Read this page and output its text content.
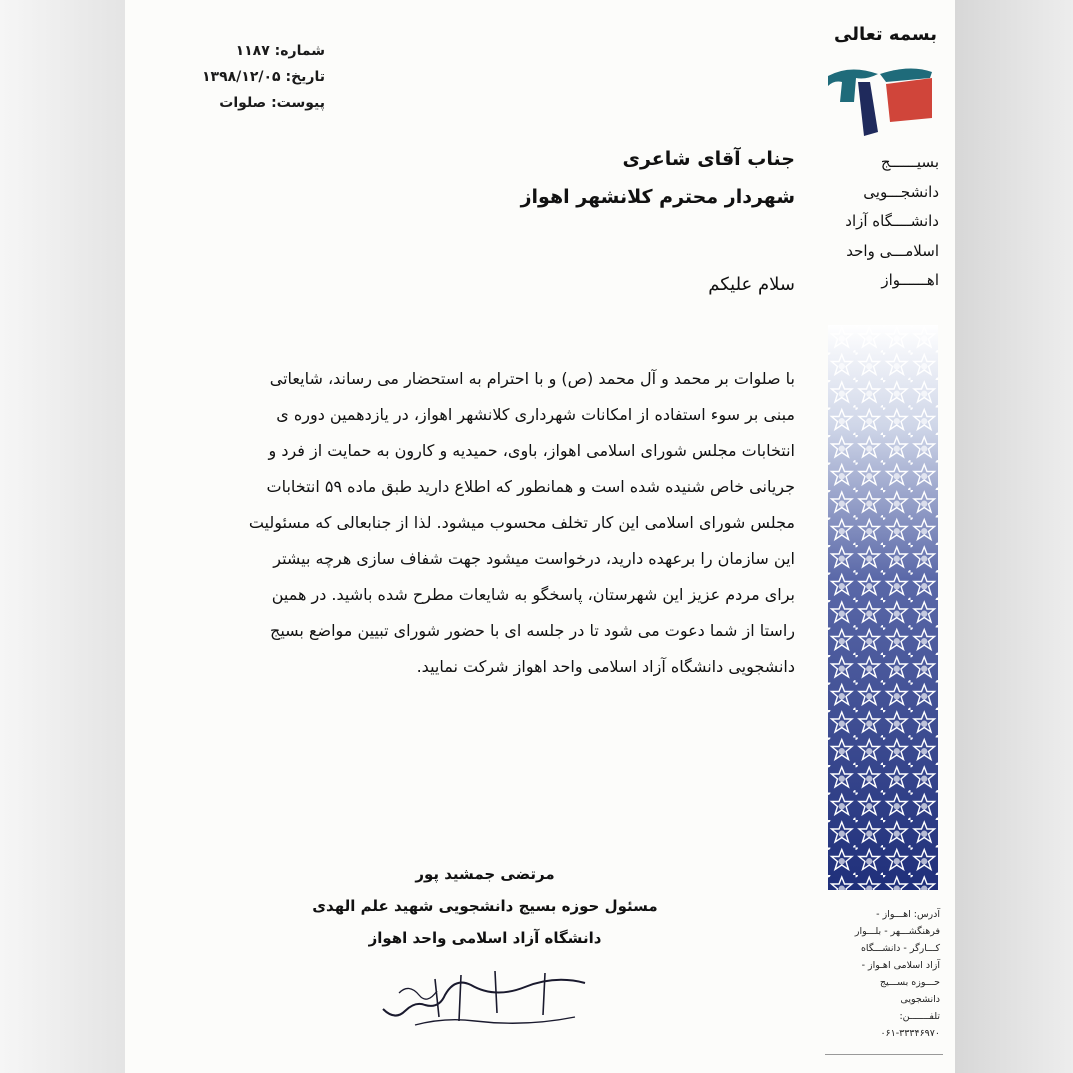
شماره: ۱۱۸۷
تاریخ: ۱۳۹۸/۱۲/۰۵
پیوست: صلوات
بسمه تعالی
بسیــــــج
دانشجـــویی
دانشــــگاه آزاد
اسلامـــی واحد
اهــــــواز
آدرس: اهـــواز -
فرهنگشـــهر - بلـــوار
کـــارگر - دانشـــگاه
آزاد اسلامی اهـواز -
حـــوزه بســـیج
دانشجویی
تلفـــــــن:
۰۶۱-۳۳۳۴۶۹۷۰
جناب آقای شاعری
شهردار محترم کلانشهر اهواز
سلام علیکم
با صلوات بر محمد و آل محمد (ص) و با احترام به استحضار می رساند، شایعاتی
مبنی بر سوء استفاده از امکانات شهرداری کلانشهر اهواز، در یازدهمین دوره ی
انتخابات مجلس شورای اسلامی اهواز، باوی، حمیدیه و کارون به حمایت از فرد و
جریانی خاص شنیده شده است و همانطور که اطلاع دارید طبق ماده ۵۹ انتخابات
مجلس شورای اسلامی این کار تخلف محسوب میشود. لذا از جنابعالی که مسئولیت
این سازمان را برعهده دارید، درخواست میشود جهت شفاف سازی هرچه بیشتر
برای مردم عزیز این شهرستان، پاسخگو به شایعات مطرح شده باشید. در همین
راستا از شما دعوت می شود تا در جلسه ای با حضور شورای تبیین مواضع بسیج
دانشجویی دانشگاه آزاد اسلامی واحد اهواز شرکت نمایید.
مرتضی جمشید پور
مسئول حوزه بسیج دانشجویی شهید علم الهدی
دانشگاه آزاد اسلامی واحد اهواز
